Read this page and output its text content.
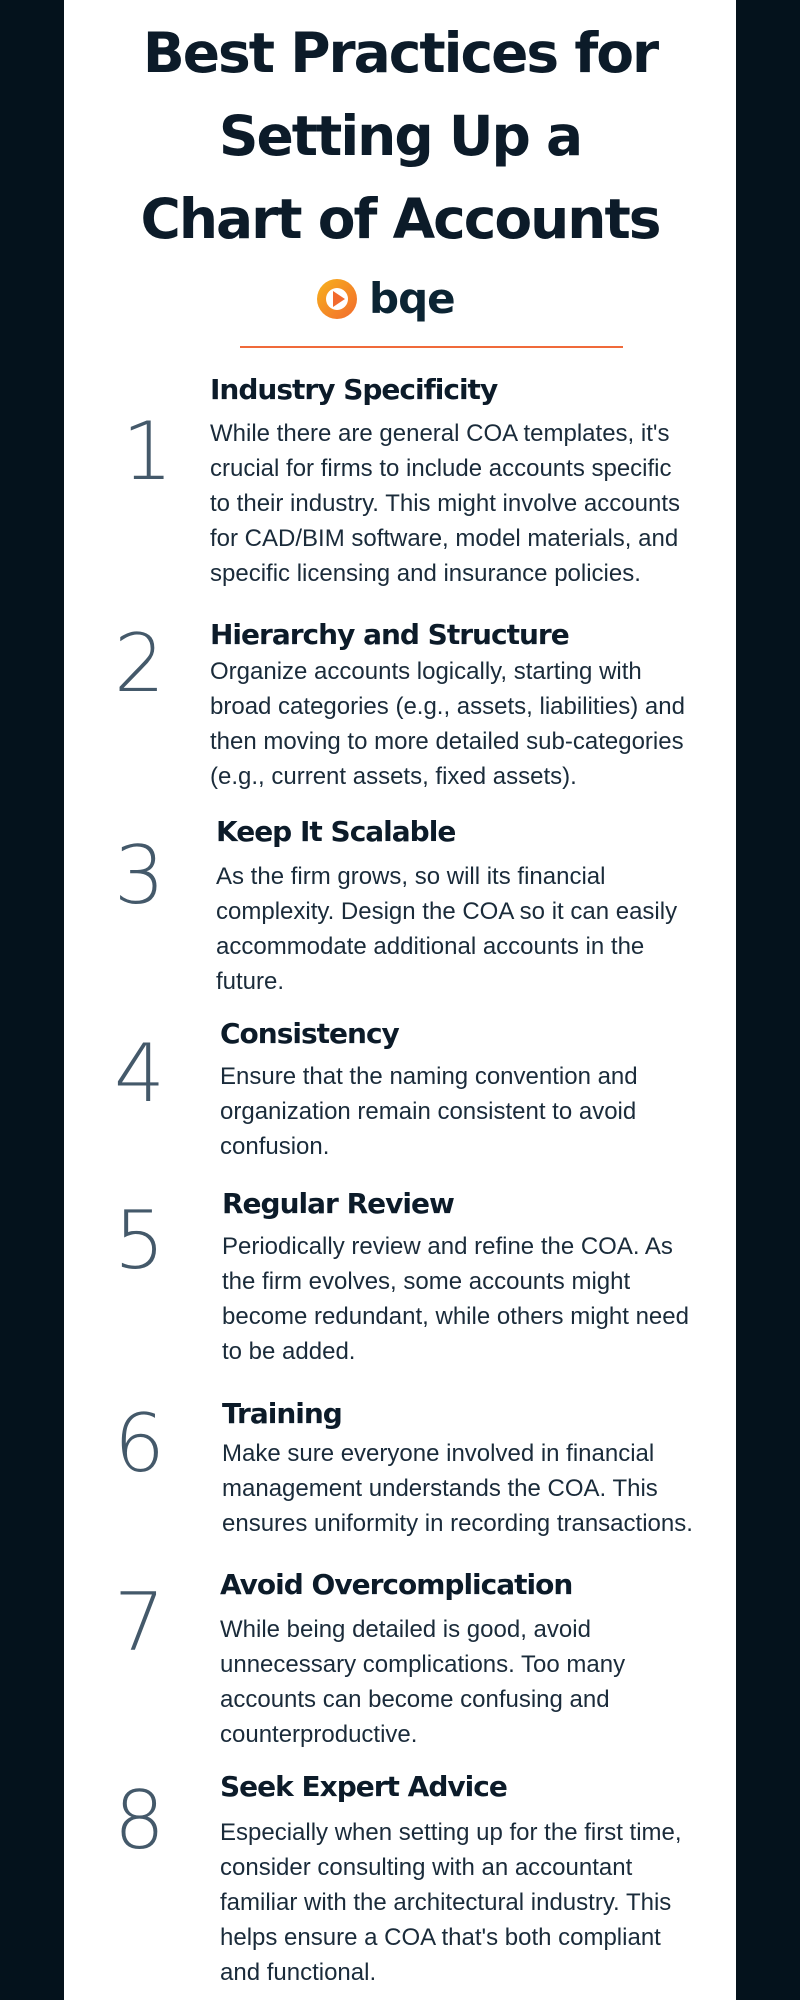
Best Practices for
Setting Up a
Chart of Accounts
bqe
1
Industry Specificity
While there are general COA templates, it's crucial for firms to include accounts specific to their industry. This might involve accounts for CAD/BIM software, model materials, and specific licensing and insurance policies.
2 Hierarchy and Structure
Organize accounts logically, starting with broad categories (e.g., assets, liabilities) and then moving to more detailed sub-categories (e.g., current assets, fixed assets).
3 Keep It Scalable
As the firm grows, so will its financial complexity. Design the COA so it can easily accommodate additional accounts in the future.
4 Consistency
Ensure that the naming convention and organization remain consistent to avoid confusion.
5 Regular Review
Periodically review and refine the COA. As the firm evolves, some accounts might become redundant, while others might need to be added.
6 Training
Make sure everyone involved in financial management understands the COA. This ensures uniformity in recording transactions.
7 Avoid Overcomplication
While being detailed is good, avoid unnecessary complications. Too many accounts can become confusing and counterproductive.
8 Seek Expert Advice
Especially when setting up for the first time, consider consulting with an accountant familiar with the architectural industry. This helps ensure a COA that's both compliant and functional.
